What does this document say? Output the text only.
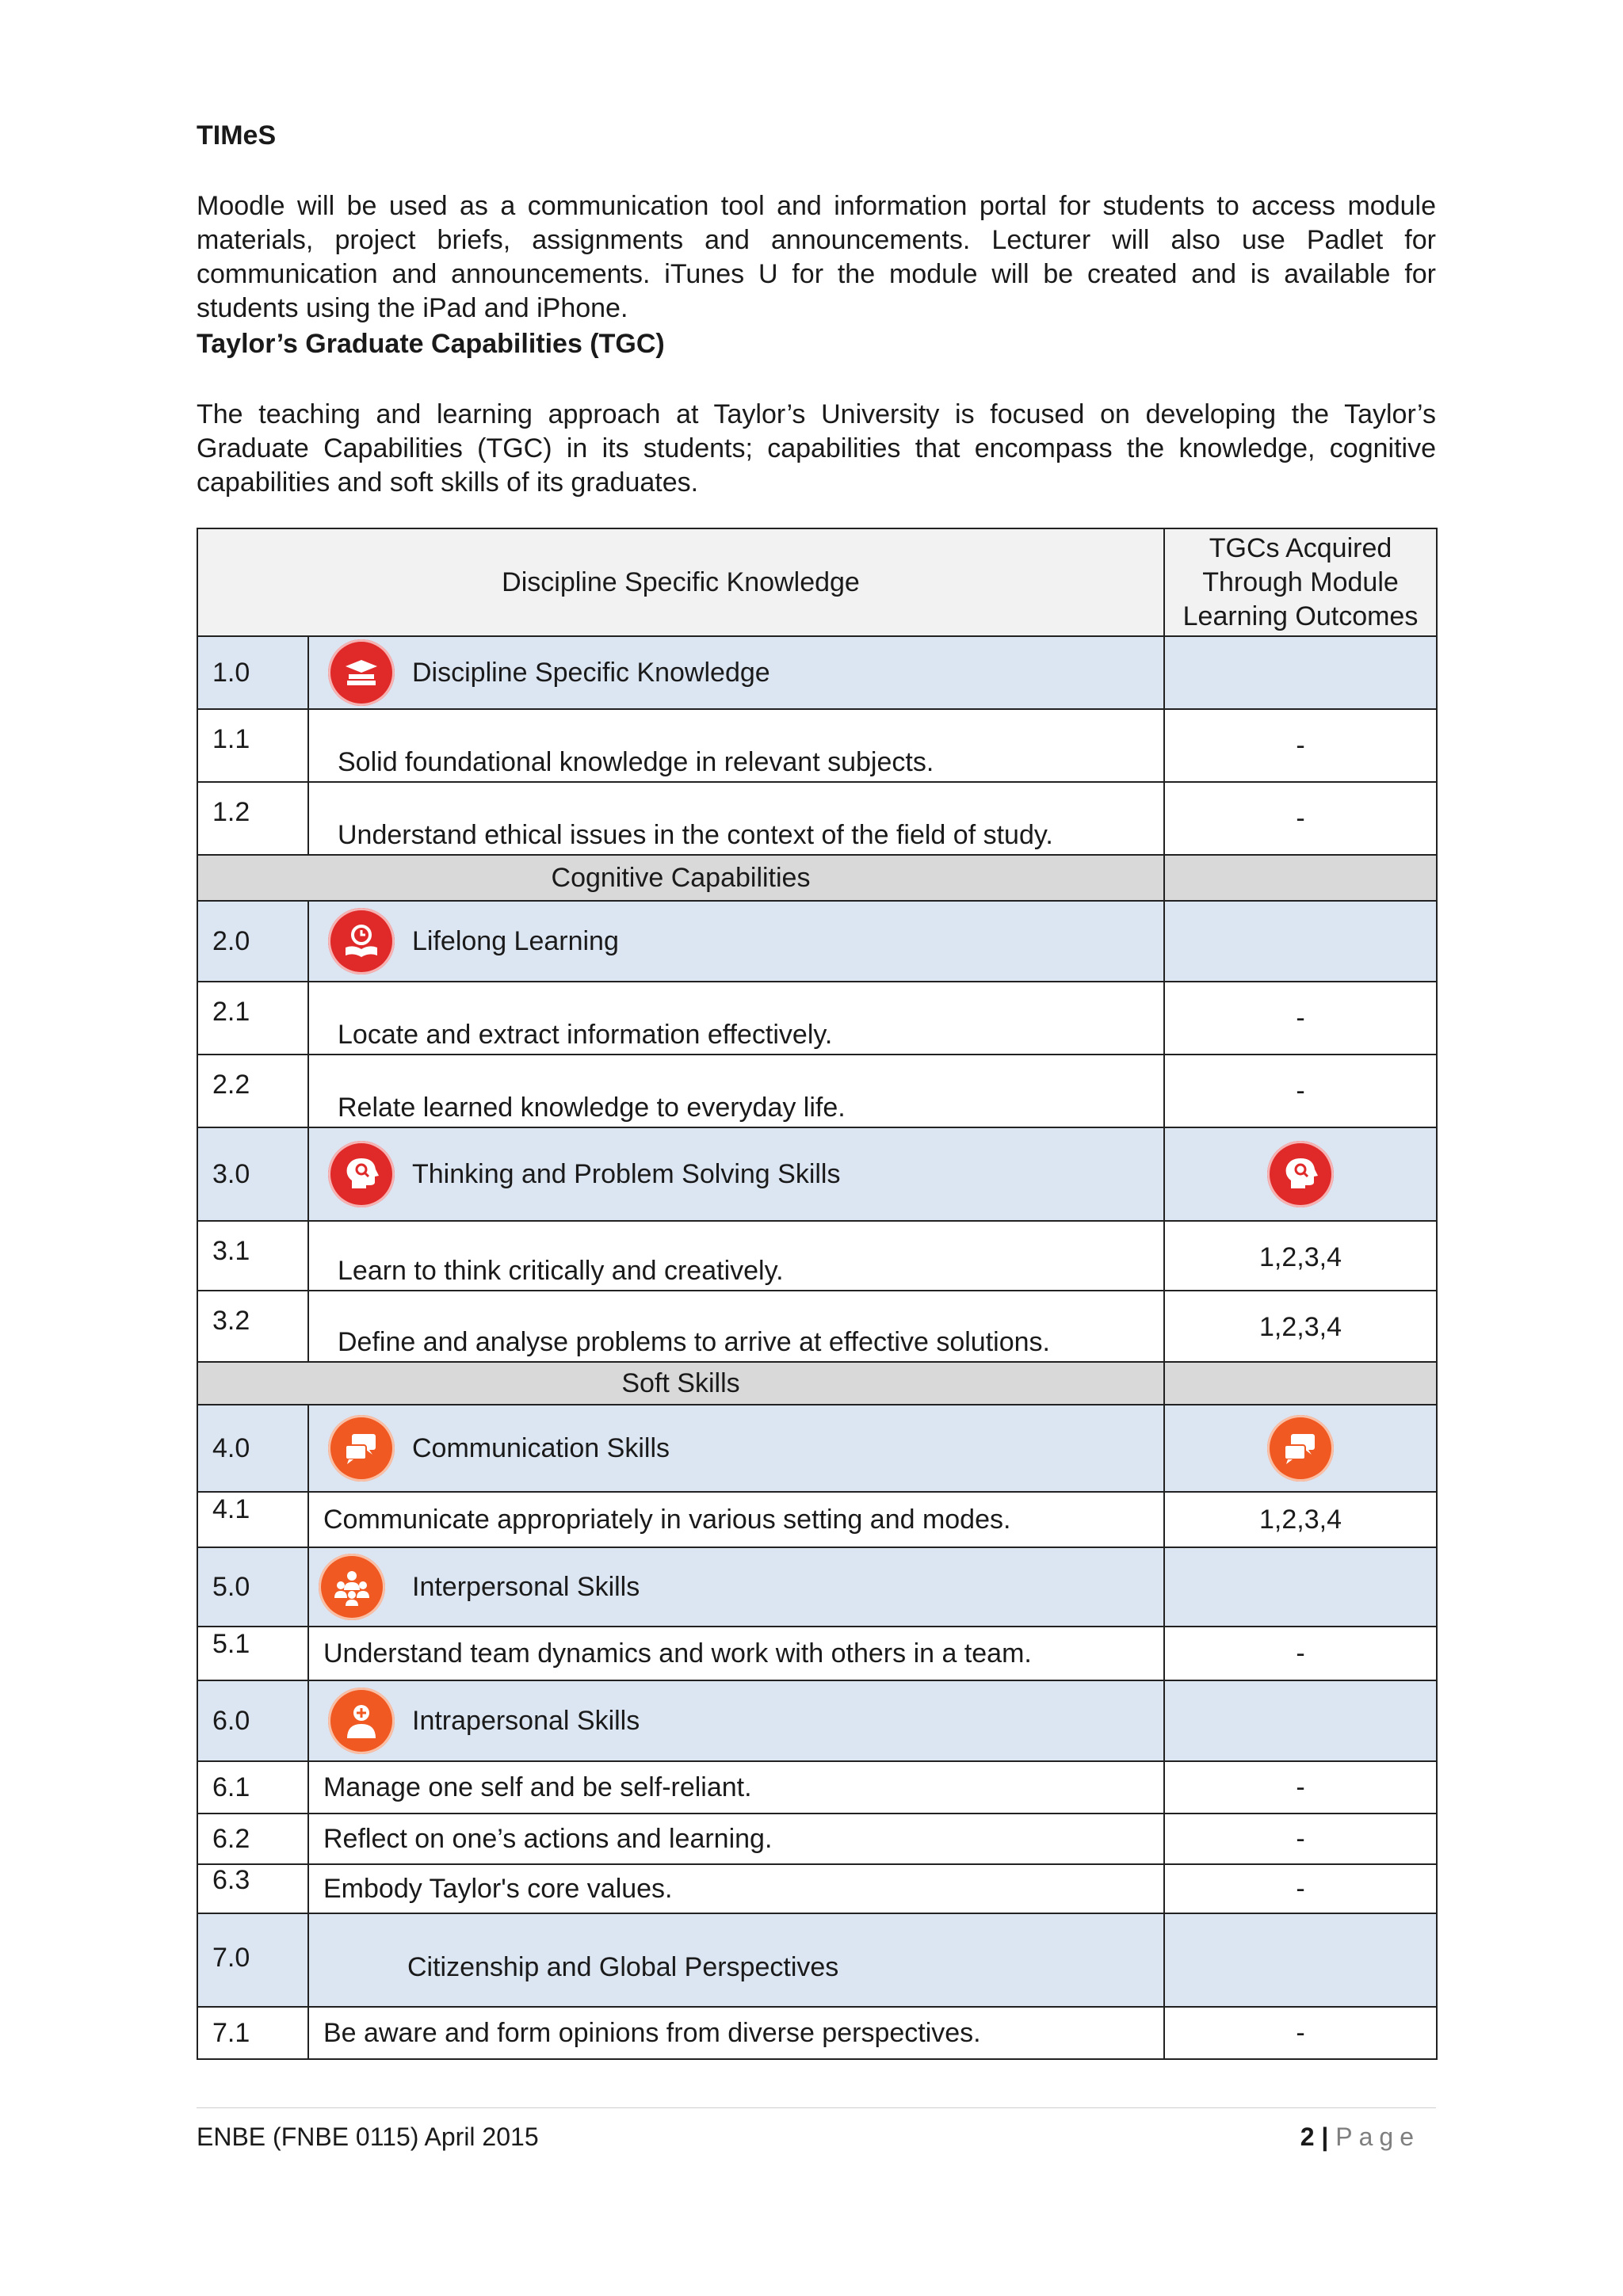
TIMeS
Moodle will be used as a communication tool and information portal for students to access module materials, project briefs, assignments and announcements. Lecturer will also use Padlet for communication and announcements. iTunes U for the module will be created and is available for students using the iPad and iPhone.
Taylor’s Graduate Capabilities (TGC)
The teaching and learning approach at Taylor’s University is focused on developing the Taylor’s Graduate Capabilities (TGC) in its students; capabilities that encompass the knowledge, cognitive capabilities and soft skills of its graduates.
Discipline Specific Knowledge		TGCs Acquired Through Module Learning Outcomes
1.0	Discipline Specific Knowledge	

1.1	Solid foundational knowledge in relevant subjects.	-
1.2	Understand ethical issues in the context of the field of study.	-
Cognitive Capabilities		
2.0	Lifelong Learning	

2.1	Locate and extract information effectively.	-
2.2	Relate learned knowledge to everyday life.	-
3.0	Thinking and Problem Solving Skills

3.1	Learn to think critically and creatively.	1,2,3,4
3.2	Define and analyse problems to arrive at effective solutions.	1,2,3,4
Soft Skills		
4.0	Communication Skills

4.1	Communicate appropriately in various setting and modes.	1,2,3,4
5.0	Interpersonal Skills	

5.1	Understand team dynamics and work with others in a team.	-
6.0	Intrapersonal Skills	

6.1	Manage one self and be self-reliant.	-
6.2	Reflect on one’s actions and learning.	-
6.3	Embody Taylor's core values.	-
7.0	Citizenship and Global Perspectives	

7.1	Be aware and form opinions from diverse perspectives.	-
ENBE (FNBE 0115) April 2015	2 | Page
